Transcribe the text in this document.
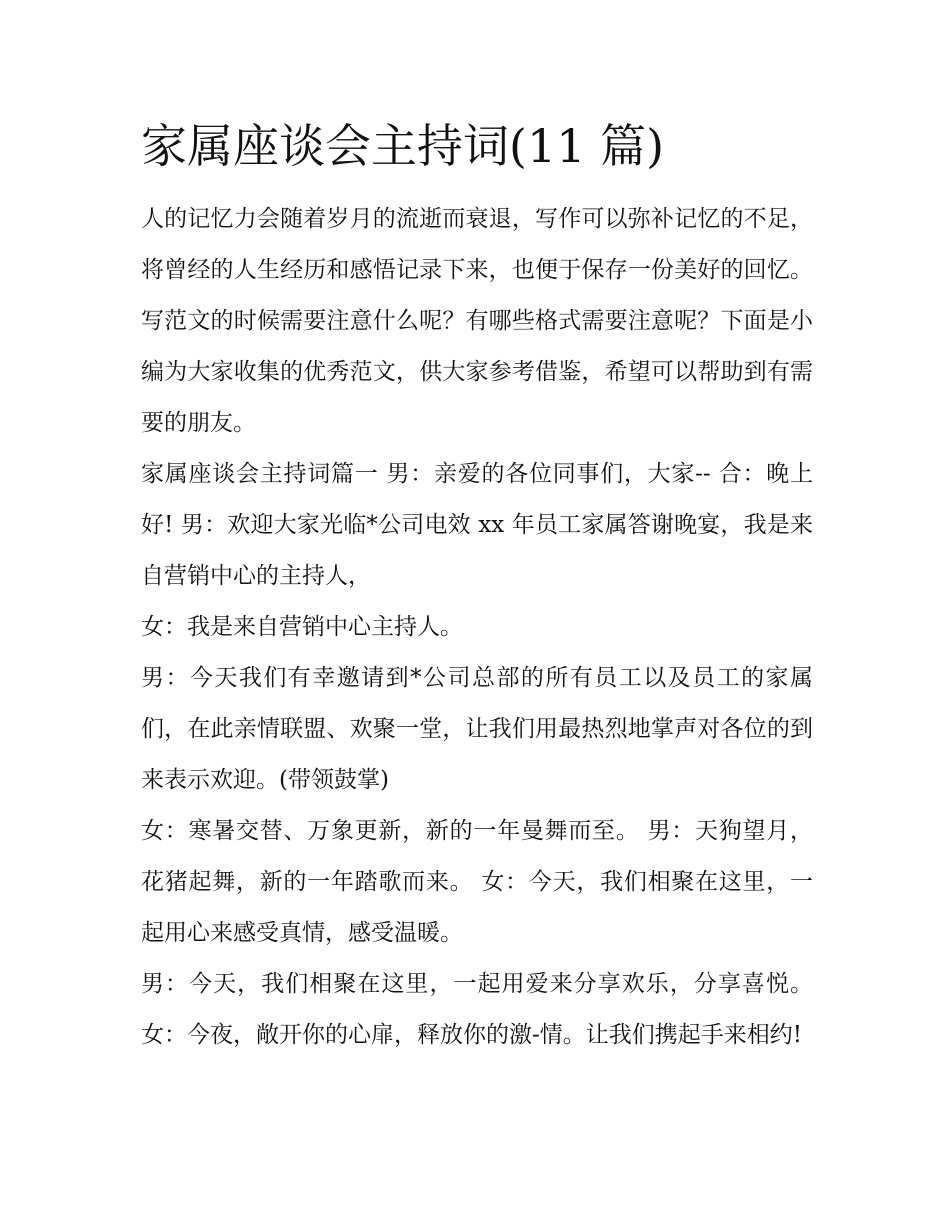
家属座谈会主持词(11 篇)

人的记忆力会随着岁月的流逝而衰退，写作可以弥补记忆的不足，将曾经的人生经历和感悟记录下来，也便于保存一份美好的回忆。写范文的时候需要注意什么呢？有哪些格式需要注意呢？下面是小编为大家收集的优秀范文，供大家参考借鉴，希望可以帮助到有需要的朋友。

家属座谈会主持词篇一 男：亲爱的各位同事们，大家-- 合：晚上好! 男：欢迎大家光临*公司电效 xx 年员工家属答谢晚宴，我是来自营销中心的主持人，

女：我是来自营销中心主持人。

男：今天我们有幸邀请到*公司总部的所有员工以及员工的家属们，在此亲情联盟、欢聚一堂，让我们用最热烈地掌声对各位的到来表示欢迎。(带领鼓掌)

女：寒暑交替、万象更新，新的一年曼舞而至。 男：天狗望月，花猪起舞，新的一年踏歌而来。 女：今天，我们相聚在这里，一起用心来感受真情，感受温暖。

男：今天，我们相聚在这里，一起用爱来分享欢乐，分享喜悦。 女：今夜，敞开你的心扉，释放你的激-情。让我们携起手来相约!
